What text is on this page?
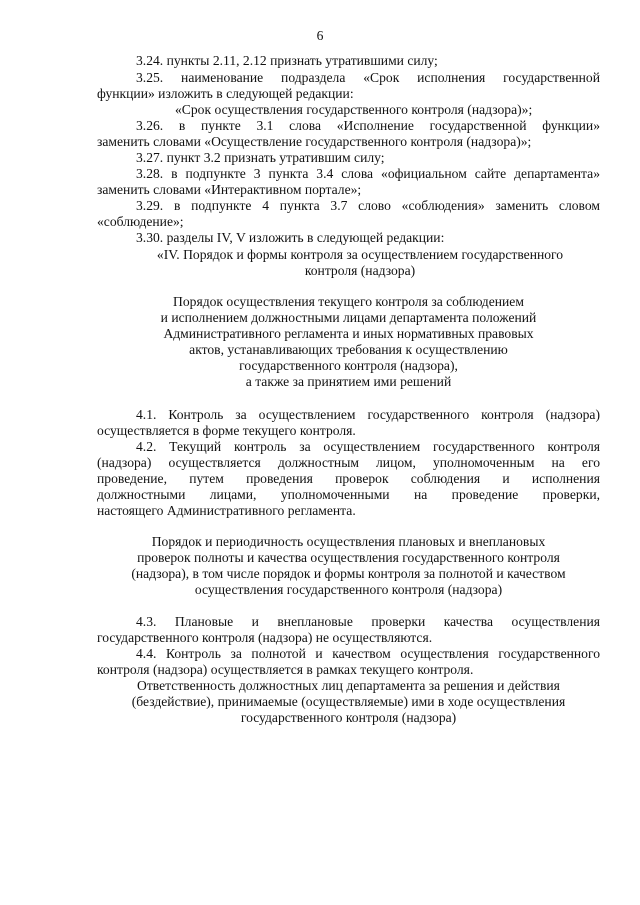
6
3.24. пункты 2.11, 2.12 признать утратившими силу;
3.25. наименование подраздела «Срок исполнения государственной
функции» изложить в следующей редакции:
«Срок осуществления государственного контроля (надзора)»;
3.26. в пункте 3.1 слова «Исполнение государственной функции»
заменить словами «Осуществление государственного контроля (надзора)»;
3.27. пункт 3.2 признать утратившим силу;
3.28. в подпункте 3 пункта 3.4 слова «официальном сайте департамента»
заменить словами «Интерактивном портале»;
3.29. в подпункте 4 пункта 3.7 слово «соблюдения» заменить словом
«соблюдение»;
3.30. разделы IV, V изложить в следующей редакции:
«IV. Порядок и формы контроля за осуществлением государственного
контроля (надзора)
Порядок осуществления текущего контроля за соблюдением
и исполнением должностными лицами департамента положений
Административного регламента и иных нормативных правовых
актов, устанавливающих требования к осуществлению
государственного контроля (надзора),
а также за принятием ими решений
4.1. Контроль за осуществлением государственного контроля (надзора)
осуществляется в форме текущего контроля.
4.2. Текущий контроль за осуществлением государственного контроля
(надзора) осуществляется должностным лицом, уполномоченным на его
проведение, путем проведения проверок соблюдения и исполнения
должностными лицами, уполномоченными на проведение проверки,
настоящего Административного регламента.
Порядок и периодичность осуществления плановых и внеплановых
проверок полноты и качества осуществления государственного контроля
(надзора), в том числе порядок и формы контроля за полнотой и качеством
осуществления государственного контроля (надзора)
4.3. Плановые и внеплановые проверки качества осуществления
государственного контроля (надзора) не осуществляются.
4.4. Контроль за полнотой и качеством осуществления государственного
контроля (надзора) осуществляется в рамках текущего контроля.
Ответственность должностных лиц департамента за решения и действия
(бездействие), принимаемые (осуществляемые) ими в ходе осуществления
государственного контроля (надзора)
